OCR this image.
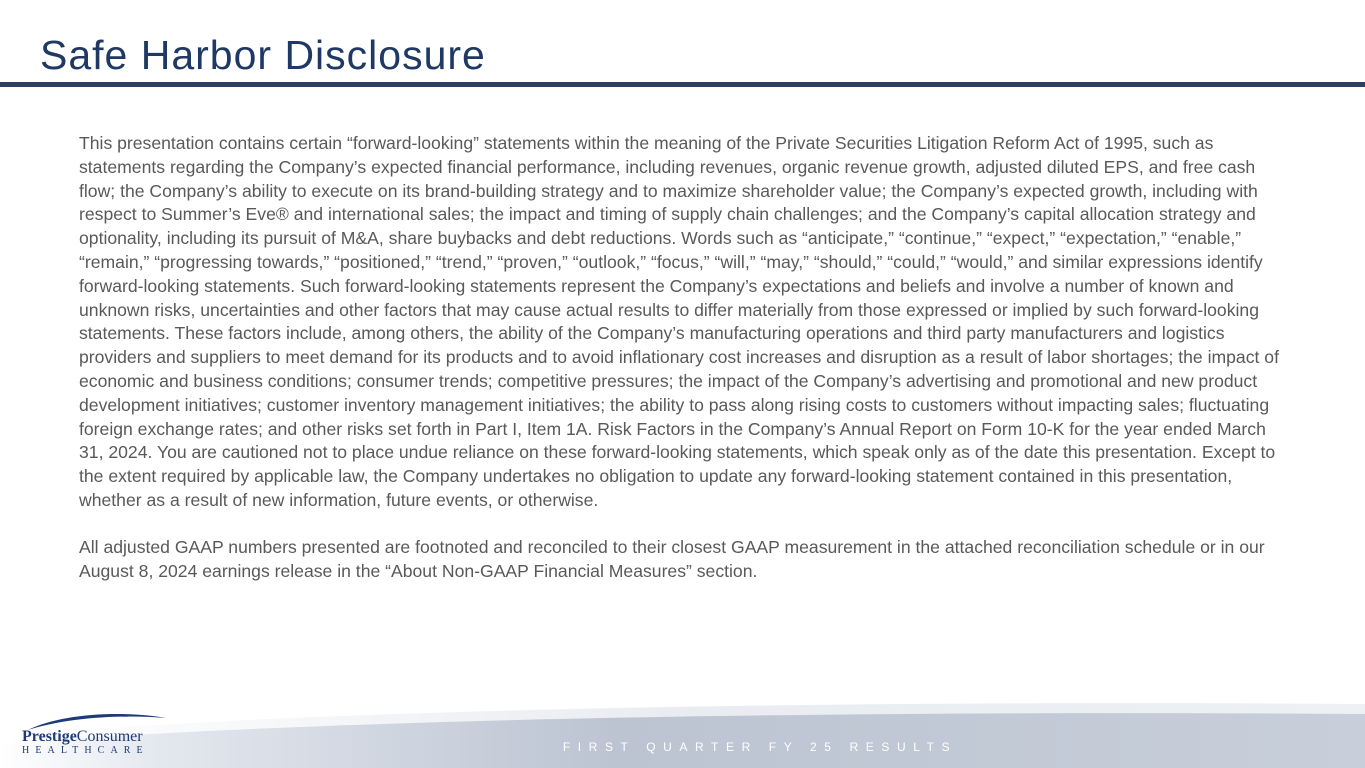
Safe Harbor Disclosure

This presentation contains certain “forward-looking” statements within the meaning of the Private Securities Litigation Reform Act of 1995, such as statements regarding the Company’s expected financial performance, including revenues, organic revenue growth, adjusted diluted EPS, and free cash flow; the Company’s ability to execute on its brand-building strategy and to maximize shareholder value; the Company’s expected growth, including with respect to Summer’s Eve® and international sales; the impact and timing of supply chain challenges; and the Company’s capital allocation strategy and optionality, including its pursuit of M&A, share buybacks and debt reductions. Words such as “anticipate,” “continue,” “expect,” “expectation,” “enable,” “remain,” “progressing towards,” “positioned,” “trend,” “proven,” “outlook,” “focus,” “will,” “may,” “should,” “could,” “would,” and similar expressions identify forward-looking statements. Such forward-looking statements represent the Company’s expectations and beliefs and involve a number of known and unknown risks, uncertainties and other factors that may cause actual results to differ materially from those expressed or implied by such forward-looking statements. These factors include, among others, the ability of the Company’s manufacturing operations and third party manufacturers and logistics providers and suppliers to meet demand for its products and to avoid inflationary cost increases and disruption as a result of labor shortages; the impact of economic and business conditions; consumer trends; competitive pressures; the impact of the Company’s advertising and promotional and new product development initiatives; customer inventory management initiatives; the ability to pass along rising costs to customers without impacting sales; fluctuating foreign exchange rates; and other risks set forth in Part I, Item 1A. Risk Factors in the Company’s Annual Report on Form 10-K for the year ended March 31, 2024. You are cautioned not to place undue reliance on these forward-looking statements, which speak only as of the date this presentation. Except to the extent required by applicable law, the Company undertakes no obligation to update any forward-looking statement contained in this presentation, whether as a result of new information, future events, or otherwise.

All adjusted GAAP numbers presented are footnoted and reconciled to their closest GAAP measurement in the attached reconciliation schedule or in our August 8, 2024 earnings release in the “About Non-GAAP Financial Measures” section.

FIRST QUARTER FY 25 RESULTS
PrestigeConsumer
HEALTHCARE
